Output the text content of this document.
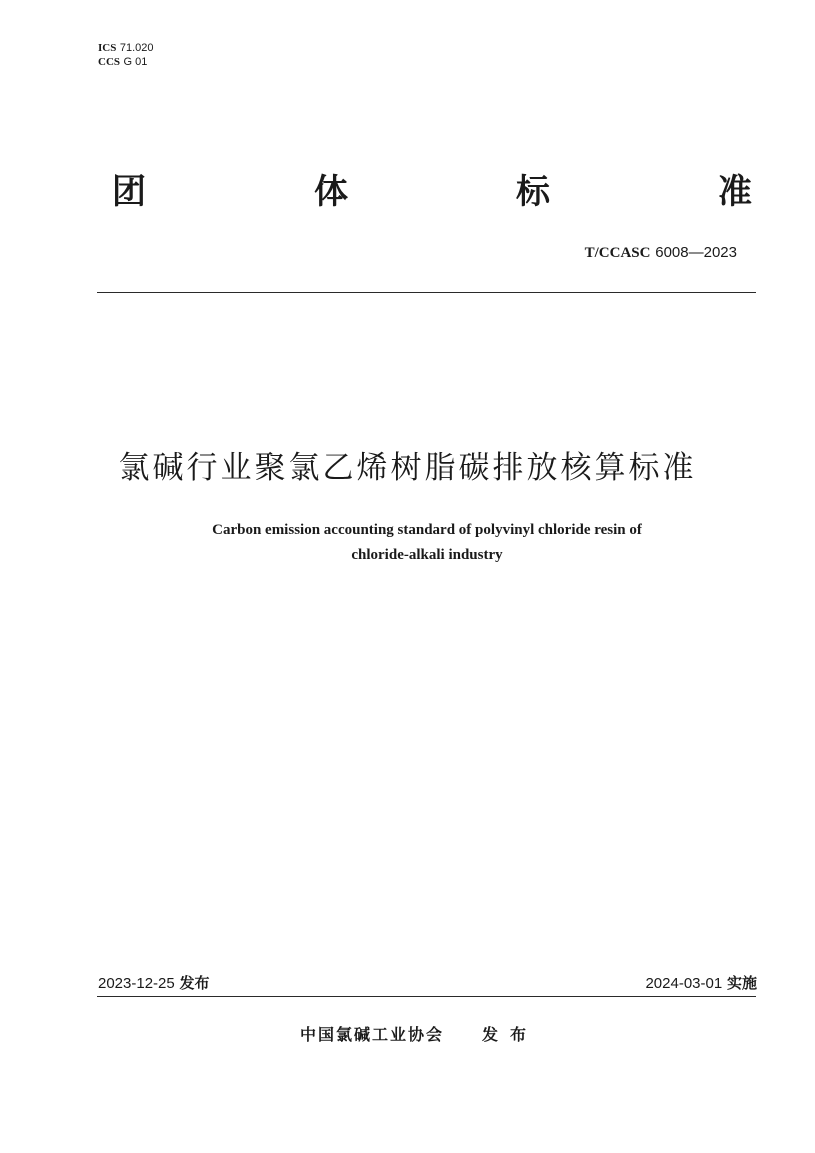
ICS 71.020
CCS G 01
团	体	标	准
T/CCASC 6008—2023
氯碱行业聚氯乙烯树脂碳排放核算标准
Carbon emission accounting standard of polyvinyl chloride resin of
chloride-alkali industry
2023-12-25 发布	2024-03-01 实施
中国氯碱工业协会 发布
